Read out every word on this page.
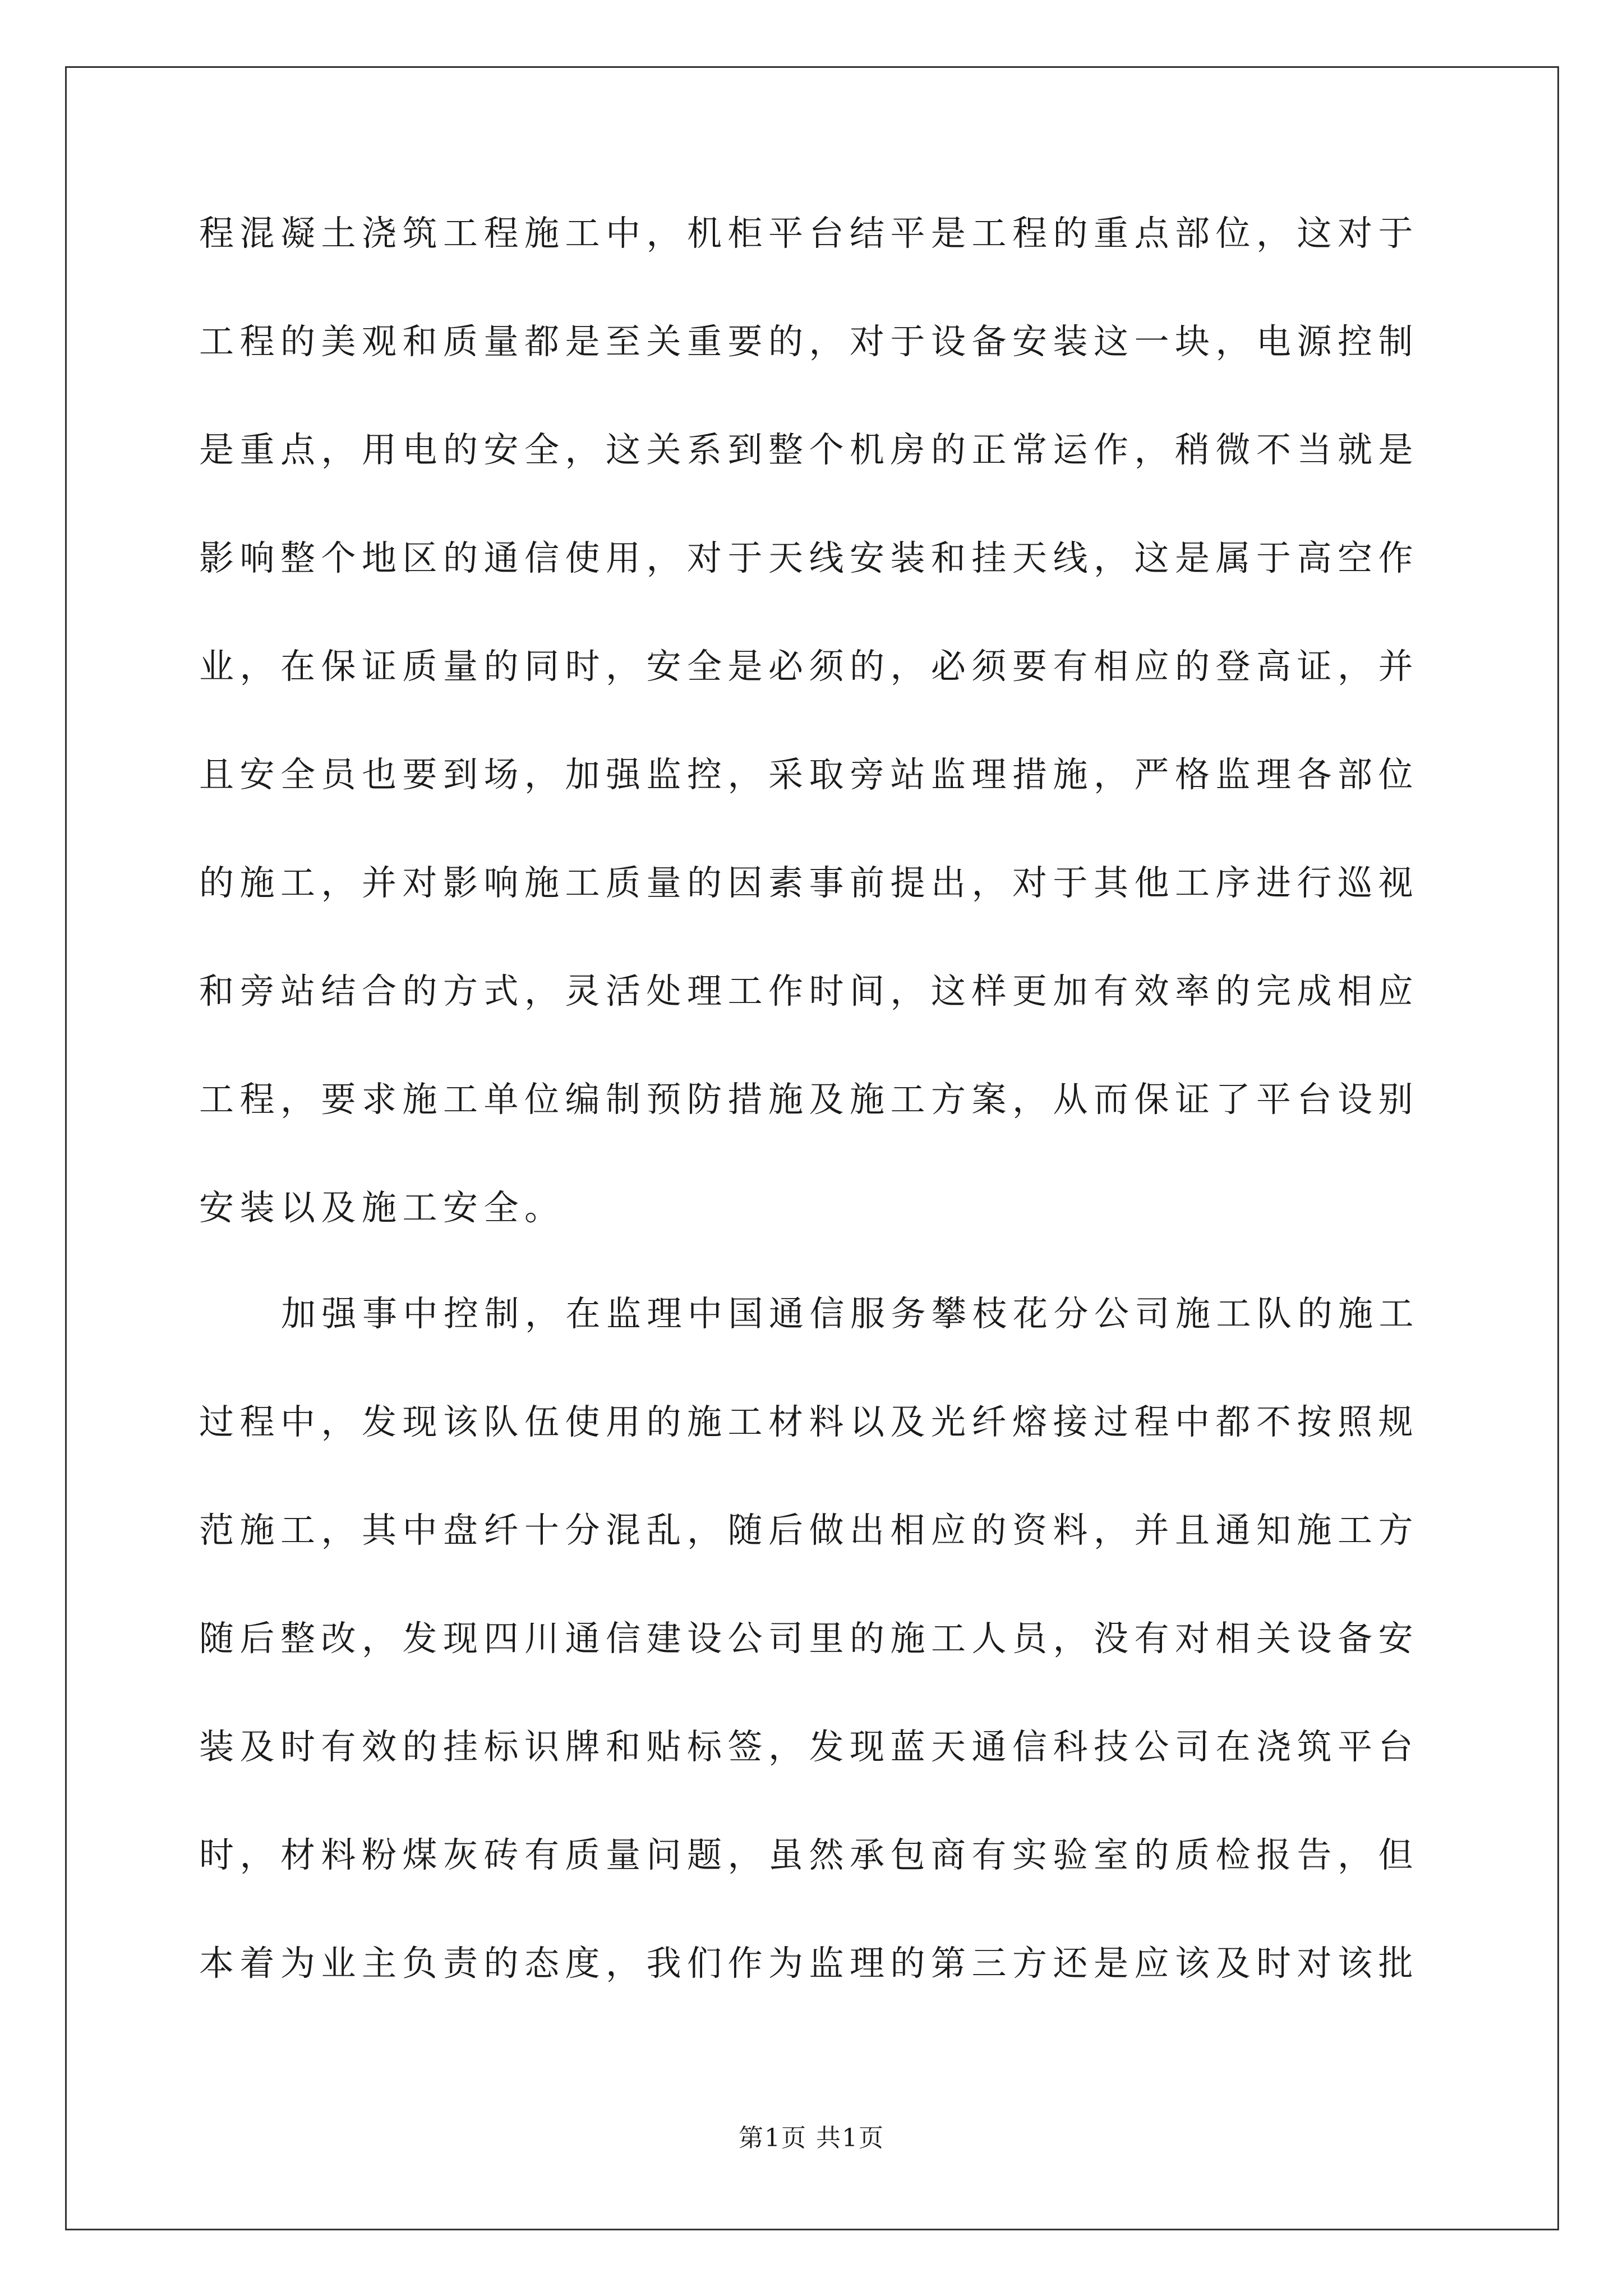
程混凝土浇筑工程施工中，机柜平台结平是工程的重点部位，这对于
工程的美观和质量都是至关重要的，对于设备安装这一块，电源控制
是重点，用电的安全，这关系到整个机房的正常运作，稍微不当就是
影响整个地区的通信使用，对于天线安装和挂天线，这是属于高空作
业，在保证质量的同时，安全是必须的，必须要有相应的登高证，并
且安全员也要到场，加强监控，采取旁站监理措施，严格监理各部位
的施工，并对影响施工质量的因素事前提出，对于其他工序进行巡视
和旁站结合的方式，灵活处理工作时间，这样更加有效率的完成相应
工程，要求施工单位编制预防措施及施工方案，从而保证了平台设别
安装以及施工安全。
加强事中控制，在监理中国通信服务攀枝花分公司施工队的施工
过程中，发现该队伍使用的施工材料以及光纤熔接过程中都不按照规
范施工，其中盘纤十分混乱，随后做出相应的资料，并且通知施工方
随后整改，发现四川通信建设公司里的施工人员，没有对相关设备安
装及时有效的挂标识牌和贴标签，发现蓝天通信科技公司在浇筑平台
时，材料粉煤灰砖有质量问题，虽然承包商有实验室的质检报告，但
本着为业主负责的态度，我们作为监理的第三方还是应该及时对该批
第1页 共1页
